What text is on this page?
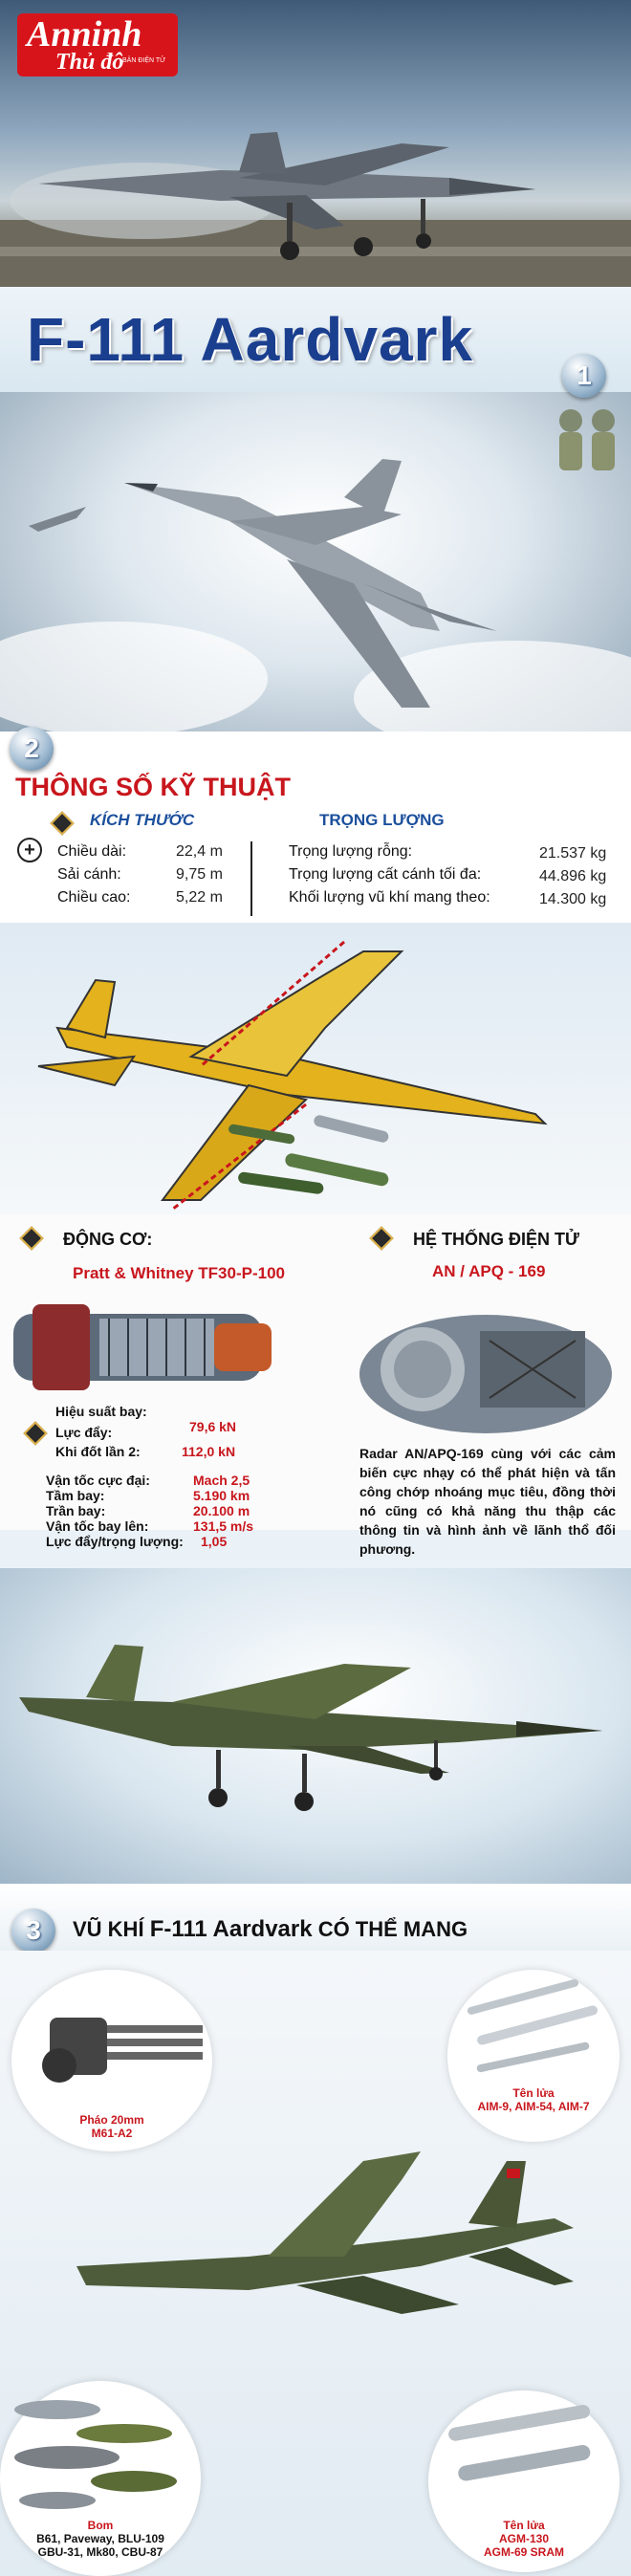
Anninh
Thủ đô
BẢN ĐIỆN TỬ
F-111 Aardvark
1
2
THÔNG SỐ KỸ THUẬT
KÍCH THƯỚC	TRỌNG LƯỢNG
+	Chiều dài:	22,4 m
Sải cánh:	9,75 m
Chiều cao:	5,22 m
Trọng lượng rỗng:	21.537 kg
Trọng lượng cất cánh tối đa:	44.896 kg
Khối lượng vũ khí mang theo:	14.300 kg
ĐỘNG CƠ:
Pratt & Whitney TF30-P-100
HỆ THỐNG ĐIỆN TỬ
AN / APQ - 169
Hiệu suất bay:
Lực đẩy:	79,6 kN
Khi đốt lần 2:	112,0 kN
Vận tốc cực đại:	Mach 2,5
Tầm bay:	5.190 km
Trần bay:	20.100 m
Vận tốc bay lên:	131,5 m/s
Lực đẩy/trọng lượng: 1,05
Radar AN/APQ-169 cùng với các cảm biến cực nhạy có thể phát hiện và tấn công chớp nhoáng mục tiêu, đồng thời nó cũng có khả năng thu thập các thông tin và hình ảnh về lãnh thổ đối phương.
3	VŨ KHÍ F-111 Aardvark CÓ THỂ MANG
Pháo 20mm
M61-A2
Tên lửa
AIM-9, AIM-54, AIM-7
Bom
B61, Paveway, BLU-109
GBU-31, Mk80, CBU-87
Tên lửa
AGM-130
AGM-69 SRAM
